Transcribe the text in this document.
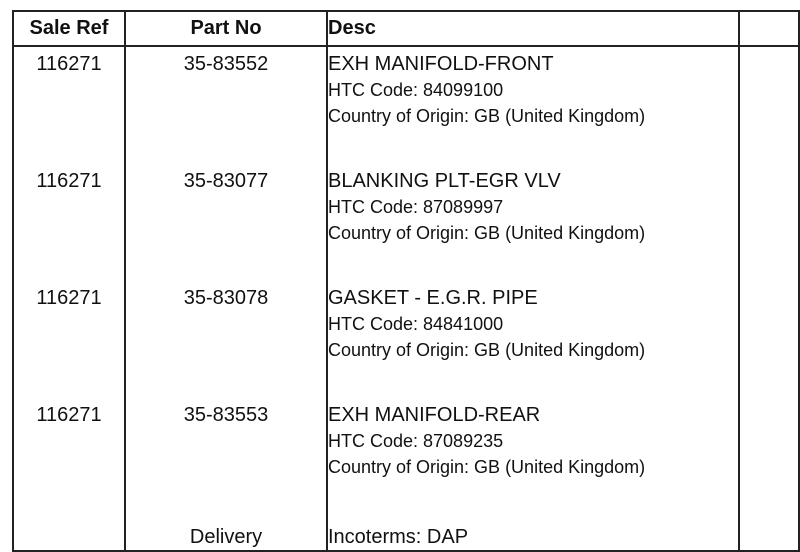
Sale Ref	Part No	Desc	
116271	35-83552	EXH MANIFOLD-FRONT
HTC Code: 84099100
Country of Origin: GB (United Kingdom)	

116271	35-83077	BLANKING PLT-EGR VLV
HTC Code: 87089997
Country of Origin: GB (United Kingdom)	

116271	35-83078	GASKET - E.G.R. PIPE
HTC Code: 84841000
Country of Origin: GB (United Kingdom)	

116271	35-83553	EXH MANIFOLD-REAR
HTC Code: 87089235
Country of Origin: GB (United Kingdom)	

	Delivery	Incoterms: DAP	
